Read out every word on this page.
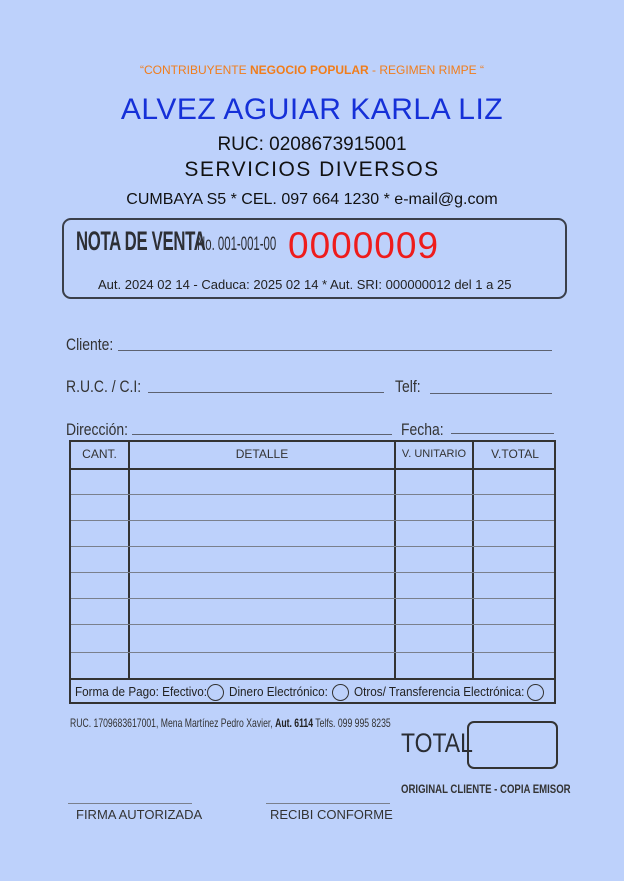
“CONTRIBUYENTE NEGOCIO POPULAR - REGIMEN RIMPE “
ALVEZ AGUIAR KARLA LIZ
RUC: 0208673915001
SERVICIOS DIVERSOS
CUMBAYA S5 * CEL. 097 664 1230 * e-mail@g.com
NOTA DE VENTA
No. 001-001-00 0000009
Aut. 2024 02 14 - Caduca: 2025 02 14 * Aut. SRI: 000000012 del 1 a 25
Cliente:
R.U.C. / C.I:	Telf:
Dirección:	Fecha:
CANT.	DETALLE	V. UNITARIO	V.TOTAL
Forma de Pago: Efectivo: Dinero Electrónico: Otros/ Transferencia Electrónica:
RUC. 1709683617001, Mena Martínez Pedro Xavier, Aut. 6114 Telfs. 099 995 8235
TOTAL
ORIGINAL CLIENTE - COPIA EMISOR
FIRMA AUTORIZADA	RECIBI CONFORME
